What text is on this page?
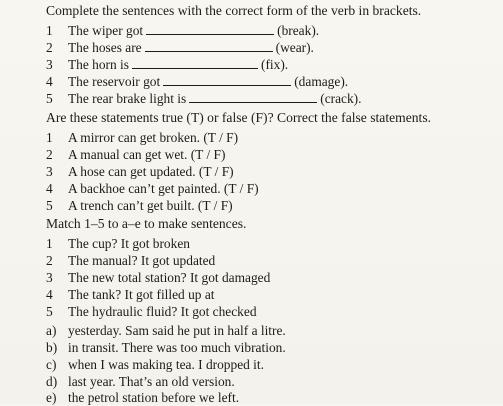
Complete the sentences with the correct form of the verb in brackets.
1 The wiper got	(break).
2 The hoses are	(wear).
3 The horn is	(fix).
4 The reservoir got	(damage).
5 The rear brake light is	(crack).
Are these statements true (T) or false (F)? Correct the false statements.
1 A mirror can get broken. (T / F)
2 A manual can get wet. (T / F)
3 A hose can get updated. (T / F)
4 A backhoe can’t get painted. (T / F)
5 A trench can’t get built. (T / F)
Match 1–5 to a–e to make sentences.
1 The cup? It got broken
2 The manual? It got updated
3 The new total station? It got damaged
4 The tank? It got filled up at
5 The hydraulic fluid? It got checked
a) yesterday. Sam said he put in half a litre.
b) in transit. There was too much vibration.
c) when I was making tea. I dropped it.
d) last year. That’s an old version.
e) the petrol station before we left.
